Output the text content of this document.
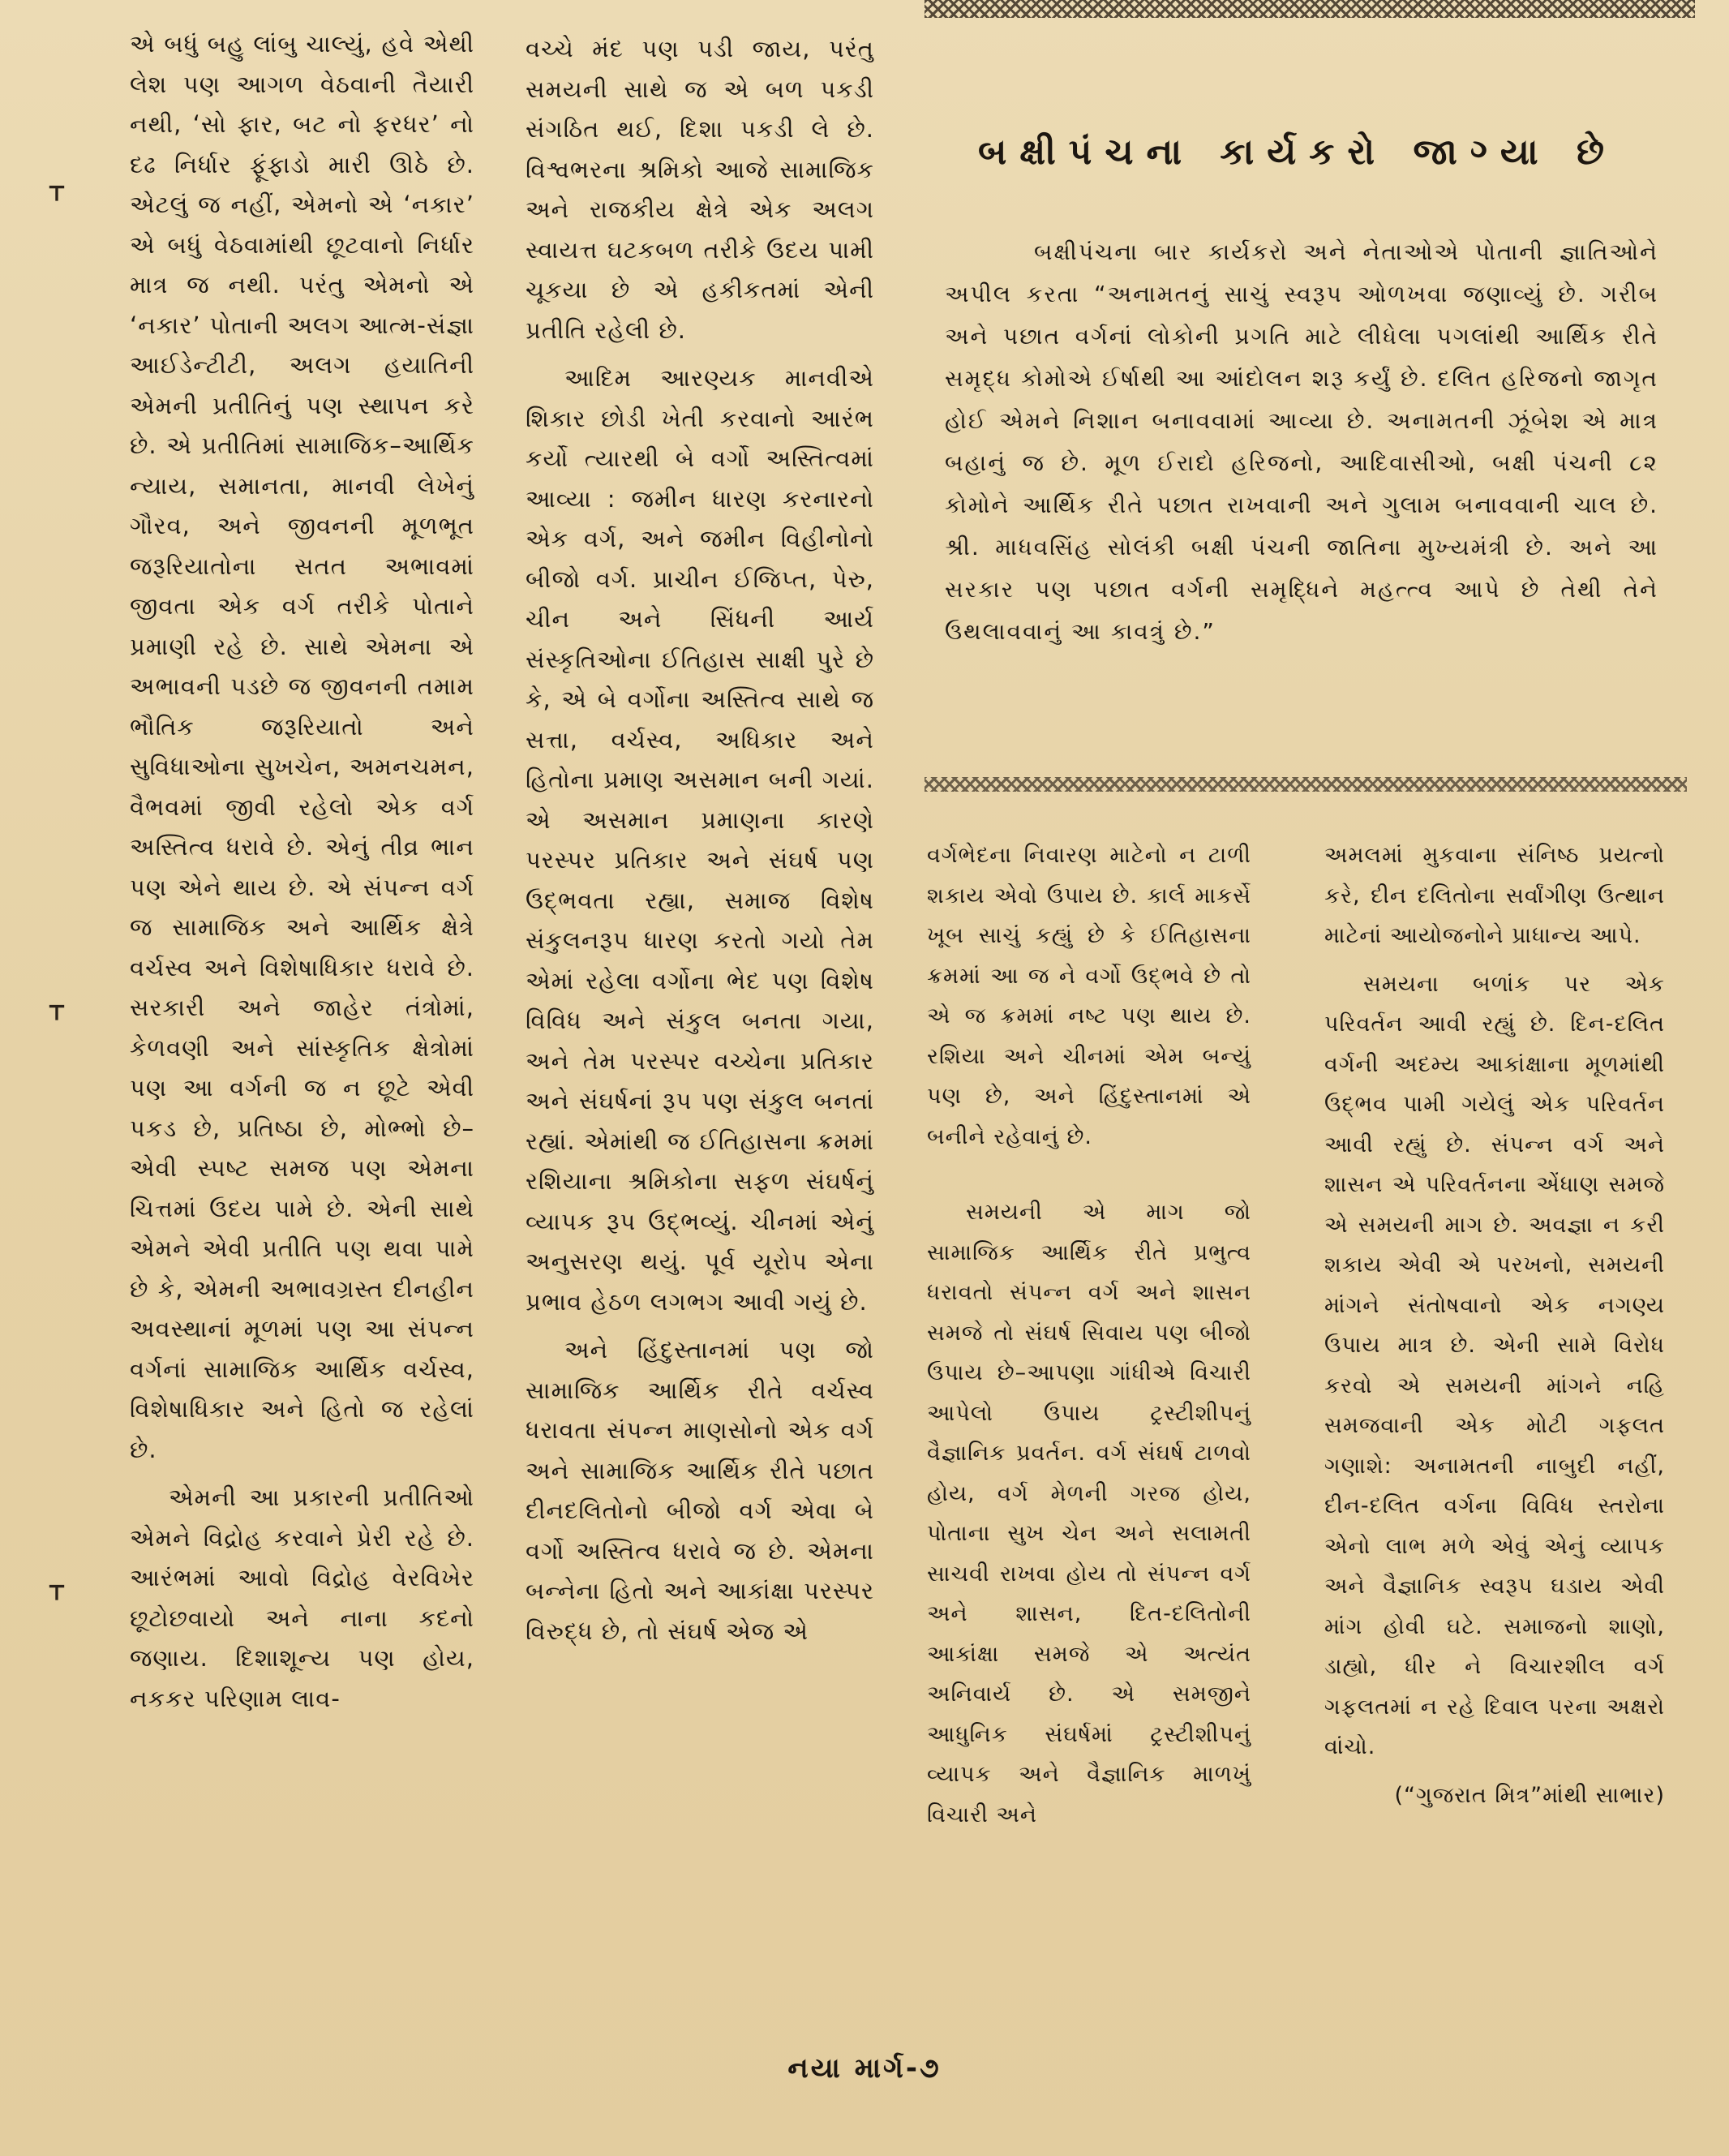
⸆
⸆
⸆

એ બધું બહુ લાંબુ ચાલ્યું, હવે એથી લેશ પણ આગળ વેઠવાની તૈયારી નથી, ‘સો ફાર, બટ નો ફરધર’ નો દઢ નિર્ધાર ફૂંફાડો મારી ઊઠે છે. એટલું જ નહીં, એમનો એ ‘નકાર’ એ બધું વેઠવામાંથી છૂટવાનો નિર્ધાર માત્ર જ નથી. પરંતુ એમનો એ ‘નકાર’ પોતાની અલગ આત્મ-સંજ્ઞા આઈડેન્ટીટી, અલગ હયાતિની એમની પ્રતીતિનું પણ સ્થાપન કરે છે. એ પ્રતીતિમાં સામાજિક–આર્થિક ન્યાય, સમાનતા, માનવી લેખેનું ગૌરવ, અને જીવનની મૂળભૂત જરૂરિયાતોના સતત અભાવમાં જીવતા એક વર્ગ તરીકે પોતાને પ્રમાણી રહે છે. સાથે એમના એ અભાવની પડછે જ જીવનની તમામ ભૌતિક જરૂરિયાતો અને સુવિધાઓના સુખચેન, અમનચમન, વૈભવમાં જીવી રહેલો એક વર્ગ અસ્તિત્વ ધરાવે છે. એનું તીવ્ર ભાન પણ એને થાય છે. એ સંપન્ન વર્ગ જ સામાજિક અને આર્થિક ક્ષેત્રે વર્ચસ્વ અને વિશેષાધિકાર ધરાવે છે. સરકારી અને જાહેર તંત્રોમાં, કેળવણી અને સાંસ્કૃતિક ક્ષેત્રોમાં પણ આ વર્ગની જ ન છૂટે એવી પકડ છે, પ્રતિષ્ઠા છે, મોભ્ભો છે–એવી સ્પષ્ટ સમજ પણ એમના ચિત્તમાં ઉદય પામે છે. એની સાથે એમને એવી પ્રતીતિ પણ થવા પામે છે કે, એમની અભાવગ્રસ્ત દીનહીન અવસ્થાનાં મૂળમાં પણ આ સંપન્ન વર્ગનાં સામાજિક આર્થિક વર્ચસ્વ, વિશેષાધિકાર અને હિતો જ રહેલાં છે.

એમની આ પ્રકારની પ્રતીતિઓ એમને વિદ્રોહ કરવાને પ્રેરી રહે છે. આરંભમાં આવો વિદ્રોહ વેરવિખેર છૂટોછવાયો અને નાના કદનો જણાય. દિશાશૂન્ય પણ હોય, નકકર પરિણામ લાવ-

વચ્ચે મંદ પણ પડી જાય, પરંતુ સમયની સાથે જ એ બળ પકડી સંગઠિત થઈ, દિશા પકડી લે છે. વિશ્વભરના શ્રમિકો આજે સામાજિક અને રાજકીય ક્ષેત્રે એક અલગ સ્વાયત્ત ઘટકબળ તરીકે ઉદય પામી ચૂકયા છે એ હકીકતમાં એની પ્રતીતિ રહેલી છે.

આદિમ આરણ્યક માનવીએ શિકાર છોડી ખેતી કરવાનો આરંભ કર્યો ત્યારથી બે વર્ગો અસ્તિત્વમાં આવ્યા : જમીન ધારણ કરનારનો એક વર્ગ, અને જમીન વિહીનોનો બીજો વર્ગ. પ્રાચીન ઈજિપ્ત, પેરુ, ચીન અને સિંધની આર્ય સંસ્કૃતિઓના ઈતિહાસ સાક્ષી પુરે છે કે, એ બે વર્ગોના અસ્તિત્વ સાથે જ સત્તા, વર્ચસ્વ, અધિકાર અને હિતોના પ્રમાણ અસમાન બની ગયાં. એ અસમાન પ્રમાણના કારણે પરસ્પર પ્રતિકાર અને સંઘર્ષ પણ ઉદ્ભવતા રહ્યા, સમાજ વિશેષ સંકુલનરૂપ ધારણ કરતો ગયો તેમ એમાં રહેલા વર્ગોના ભેદ પણ વિશેષ વિવિધ અને સંકુલ બનતા ગયા, અને તેમ પરસ્પર વચ્ચેના પ્રતિકાર અને સંઘર્ષનાં રૂપ પણ સંકુલ બનતાં રહ્યાં. એમાંથી જ ઈતિહાસના ક્રમમાં રશિયાના શ્રમિકોના સફળ સંઘર્ષનું વ્યાપક રૂપ ઉદ્ભવ્યું. ચીનમાં એનું અનુસરણ થયું. પૂર્વ યૂરોપ એના પ્રભાવ હેઠળ લગભગ આવી ગયું છે.

અને હિંદુસ્તાનમાં પણ જો સામાજિક આર્થિક રીતે વર્ચસ્વ ધરાવતા સંપન્ન માણસોનો એક વર્ગ અને સામાજિક આર્થિક રીતે પછાત દીનદલિતોનો બીજો વર્ગ એવા બે વર્ગો અસ્તિત્વ ધરાવે જ છે. એમના બન્નેના હિતો અને આકાંક્ષા પરસ્પર વિરુદ્ધ છે, તો સંઘર્ષ એજ એ

બક્ષીપંચના કાર્યકરો જાગ્યા છે

બક્ષીપંચના બાર કાર્યકરો અને નેતાઓએ પોતાની જ્ઞાતિઓને અપીલ કરતા “અનામતનું સાચું સ્વરૂપ ઓળખવા જણાવ્યું છે. ગરીબ અને પછાત વર્ગનાં લોકોની પ્રગતિ માટે લીધેલા પગલાંથી આર્થિક રીતે સમૃદ્ધ કોમોએ ઈર્ષાથી આ આંદોલન શરૂ કર્યું છે. દલિત હરિજનો જાગૃત હોઈ એમને નિશાન બનાવવામાં આવ્યા છે. અનામતની ઝૂંબેશ એ માત્ર બહાનું જ છે. મૂળ ઈરાદો હરિજનો, આદિવાસીઓ, બક્ષી પંચની ૮૨ કોમોને આર્થિક રીતે પછાત રાખવાની અને ગુલામ બનાવવાની ચાલ છે. શ્રી. માધવસિંહ સોલંકી બક્ષી પંચની જાતિના મુખ્યમંત્રી છે. અને આ સરકાર પણ પછાત વર્ગની સમૃદ્ધિને મહત્ત્વ આપે છે તેથી તેને ઉથલાવવાનું આ કાવત્રું છે.”

વર્ગભેદના નિવારણ માટેનો ન ટાળી શકાય એવો ઉપાય છે. કાર્લ માકર્સે ખૂબ સાચું કહ્યું છે કે ઈતિહાસના ક્રમમાં આ જ ને વર્ગો ઉદ્ભવે છે તો એ જ ક્રમમાં નષ્ટ પણ થાય છે. રશિયા અને ચીનમાં એમ બન્યું પણ છે, અને હિંદુસ્તાનમાં એ બનીને રહેવાનું છે.

સમયની એ માગ જો સામાજિક આર્થિક રીતે પ્રભુત્વ ધરાવતો સંપન્ન વર્ગ અને શાસન સમજે તો સંઘર્ષ સિવાય પણ બીજો ઉપાય છે–આપણા ગાંધીએ વિચારી આપેલો ઉપાય ટ્રસ્ટીશીપનું વૈજ્ઞાનિક પ્રવર્તન. વર્ગ સંઘર્ષ ટાળવો હોય, વર્ગ મેળની ગરજ હોય, પોતાના સુખ ચેન અને સલામતી સાચવી રાખવા હોય તો સંપન્ન વર્ગ અને શાસન, દિત-દલિતોની આકાંક્ષા સમજે એ અત્યંત અનિવાર્ય છે. એ સમજીને આધુનિક સંઘર્ષમાં ટ્રસ્ટીશીપનું વ્યાપક અને વૈજ્ઞાનિક માળખું વિચારી અને

અમલમાં મુકવાના સંનિષ્ઠ પ્રયત્નો કરે, દીન દલિતોના સર્વાંગીણ ઉત્થાન માટેનાં આયોજનોને પ્રાધાન્ય આપે.

સમયના બળાંક પર એક પરિવર્તન આવી રહ્યું છે. દિન-દલિત વર્ગની અદમ્ય આકાંક્ષાના મૂળમાંથી ઉદ્ભવ પામી ગયેલું એક પરિવર્તન આવી રહ્યું છે. સંપન્ન વર્ગ અને શાસન એ પરિવર્તનના એંધાણ સમજે એ સમયની માગ છે. અવજ્ઞા ન કરી શકાય એવી એ પરખનો, સમયની માંગને સંતોષવાનો એક નગણ્ય ઉપાય માત્ર છે. એની સામે વિરોધ કરવો એ સમયની માંગને નહિ સમજવાની એક મોટી ગફલત ગણાશે: અનામતની નાબુદી નહીં, દીન-દલિત વર્ગના વિવિધ સ્તરોના એનો લાભ મળે એવું એનું વ્યાપક અને વૈજ્ઞાનિક સ્વરૂપ ઘડાય એવી માંગ હોવી ઘટે. સમાજનો શાણો, ડાહ્યો, ધીર ને વિચારશીલ વર્ગ ગફલતમાં ન રહે દિવાલ પરના અક્ષરો વાંચો.

(“ગુજરાત મિત્ર”માંથી સાભાર)

નયા માર્ગ-૭
